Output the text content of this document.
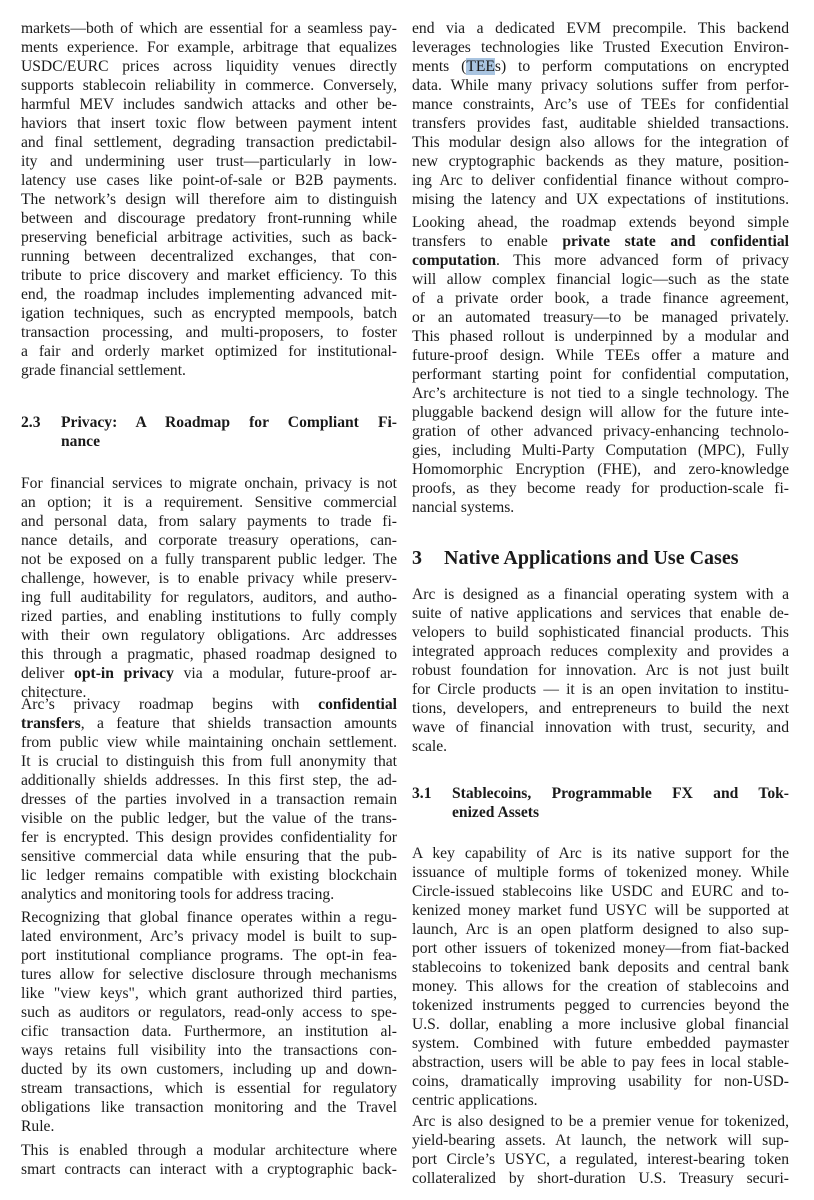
markets—both of which are essential for a seamless pay-
ments experience. For example, arbitrage that equalizes
USDC/EURC prices across liquidity venues directly
supports stablecoin reliability in commerce. Conversely,
harmful MEV includes sandwich attacks and other be-
haviors that insert toxic flow between payment intent
and final settlement, degrading transaction predictabil-
ity and undermining user trust—particularly in low-
latency use cases like point-of-sale or B2B payments.
The network’s design will therefore aim to distinguish
between and discourage predatory front-running while
preserving beneficial arbitrage activities, such as back-
running between decentralized exchanges, that con-
tribute to price discovery and market efficiency. To this
end, the roadmap includes implementing advanced mit-
igation techniques, such as encrypted mempools, batch
transaction processing, and multi-proposers, to foster
a fair and orderly market optimized for institutional-
grade financial settlement.
2.3 Privacy: A Roadmap for Compliant Fi-
nance
For financial services to migrate onchain, privacy is not
an option; it is a requirement. Sensitive commercial
and personal data, from salary payments to trade fi-
nance details, and corporate treasury operations, can-
not be exposed on a fully transparent public ledger. The
challenge, however, is to enable privacy while preserv-
ing full auditability for regulators, auditors, and autho-
rized parties, and enabling institutions to fully comply
with their own regulatory obligations. Arc addresses
this through a pragmatic, phased roadmap designed to
deliver opt-in privacy via a modular, future-proof ar-
chitecture.
Arc’s privacy roadmap begins with confidential
transfers, a feature that shields transaction amounts
from public view while maintaining onchain settlement.
It is crucial to distinguish this from full anonymity that
additionally shields addresses. In this first step, the ad-
dresses of the parties involved in a transaction remain
visible on the public ledger, but the value of the trans-
fer is encrypted. This design provides confidentiality for
sensitive commercial data while ensuring that the pub-
lic ledger remains compatible with existing blockchain
analytics and monitoring tools for address tracing.
Recognizing that global finance operates within a regu-
lated environment, Arc’s privacy model is built to sup-
port institutional compliance programs. The opt-in fea-
tures allow for selective disclosure through mechanisms
like "view keys", which grant authorized third parties,
such as auditors or regulators, read-only access to spe-
cific transaction data. Furthermore, an institution al-
ways retains full visibility into the transactions con-
ducted by its own customers, including up and down-
stream transactions, which is essential for regulatory
obligations like transaction monitoring and the Travel
Rule.
This is enabled through a modular architecture where
smart contracts can interact with a cryptographic back-
end via a dedicated EVM precompile. This backend
leverages technologies like Trusted Execution Environ-
ments (TEEs) to perform computations on encrypted
data. While many privacy solutions suffer from perfor-
mance constraints, Arc’s use of TEEs for confidential
transfers provides fast, auditable shielded transactions.
This modular design also allows for the integration of
new cryptographic backends as they mature, position-
ing Arc to deliver confidential finance without compro-
mising the latency and UX expectations of institutions.
Looking ahead, the roadmap extends beyond simple
transfers to enable private state and confidential
computation. This more advanced form of privacy
will allow complex financial logic—such as the state
of a private order book, a trade finance agreement,
or an automated treasury—to be managed privately.
This phased rollout is underpinned by a modular and
future-proof design. While TEEs offer a mature and
performant starting point for confidential computation,
Arc’s architecture is not tied to a single technology. The
pluggable backend design will allow for the future inte-
gration of other advanced privacy-enhancing technolo-
gies, including Multi-Party Computation (MPC), Fully
Homomorphic Encryption (FHE), and zero-knowledge
proofs, as they become ready for production-scale fi-
nancial systems.
3 Native Applications and Use Cases
Arc is designed as a financial operating system with a
suite of native applications and services that enable de-
velopers to build sophisticated financial products. This
integrated approach reduces complexity and provides a
robust foundation for innovation. Arc is not just built
for Circle products — it is an open invitation to institu-
tions, developers, and entrepreneurs to build the next
wave of financial innovation with trust, security, and
scale.
3.1 Stablecoins, Programmable FX and Tok-
enized Assets
A key capability of Arc is its native support for the
issuance of multiple forms of tokenized money. While
Circle-issued stablecoins like USDC and EURC and to-
kenized money market fund USYC will be supported at
launch, Arc is an open platform designed to also sup-
port other issuers of tokenized money—from fiat-backed
stablecoins to tokenized bank deposits and central bank
money. This allows for the creation of stablecoins and
tokenized instruments pegged to currencies beyond the
U.S. dollar, enabling a more inclusive global financial
system. Combined with future embedded paymaster
abstraction, users will be able to pay fees in local stable-
coins, dramatically improving usability for non-USD-
centric applications.
Arc is also designed to be a premier venue for tokenized,
yield-bearing assets. At launch, the network will sup-
port Circle’s USYC, a regulated, interest-bearing token
collateralized by short-duration U.S. Treasury securi-
